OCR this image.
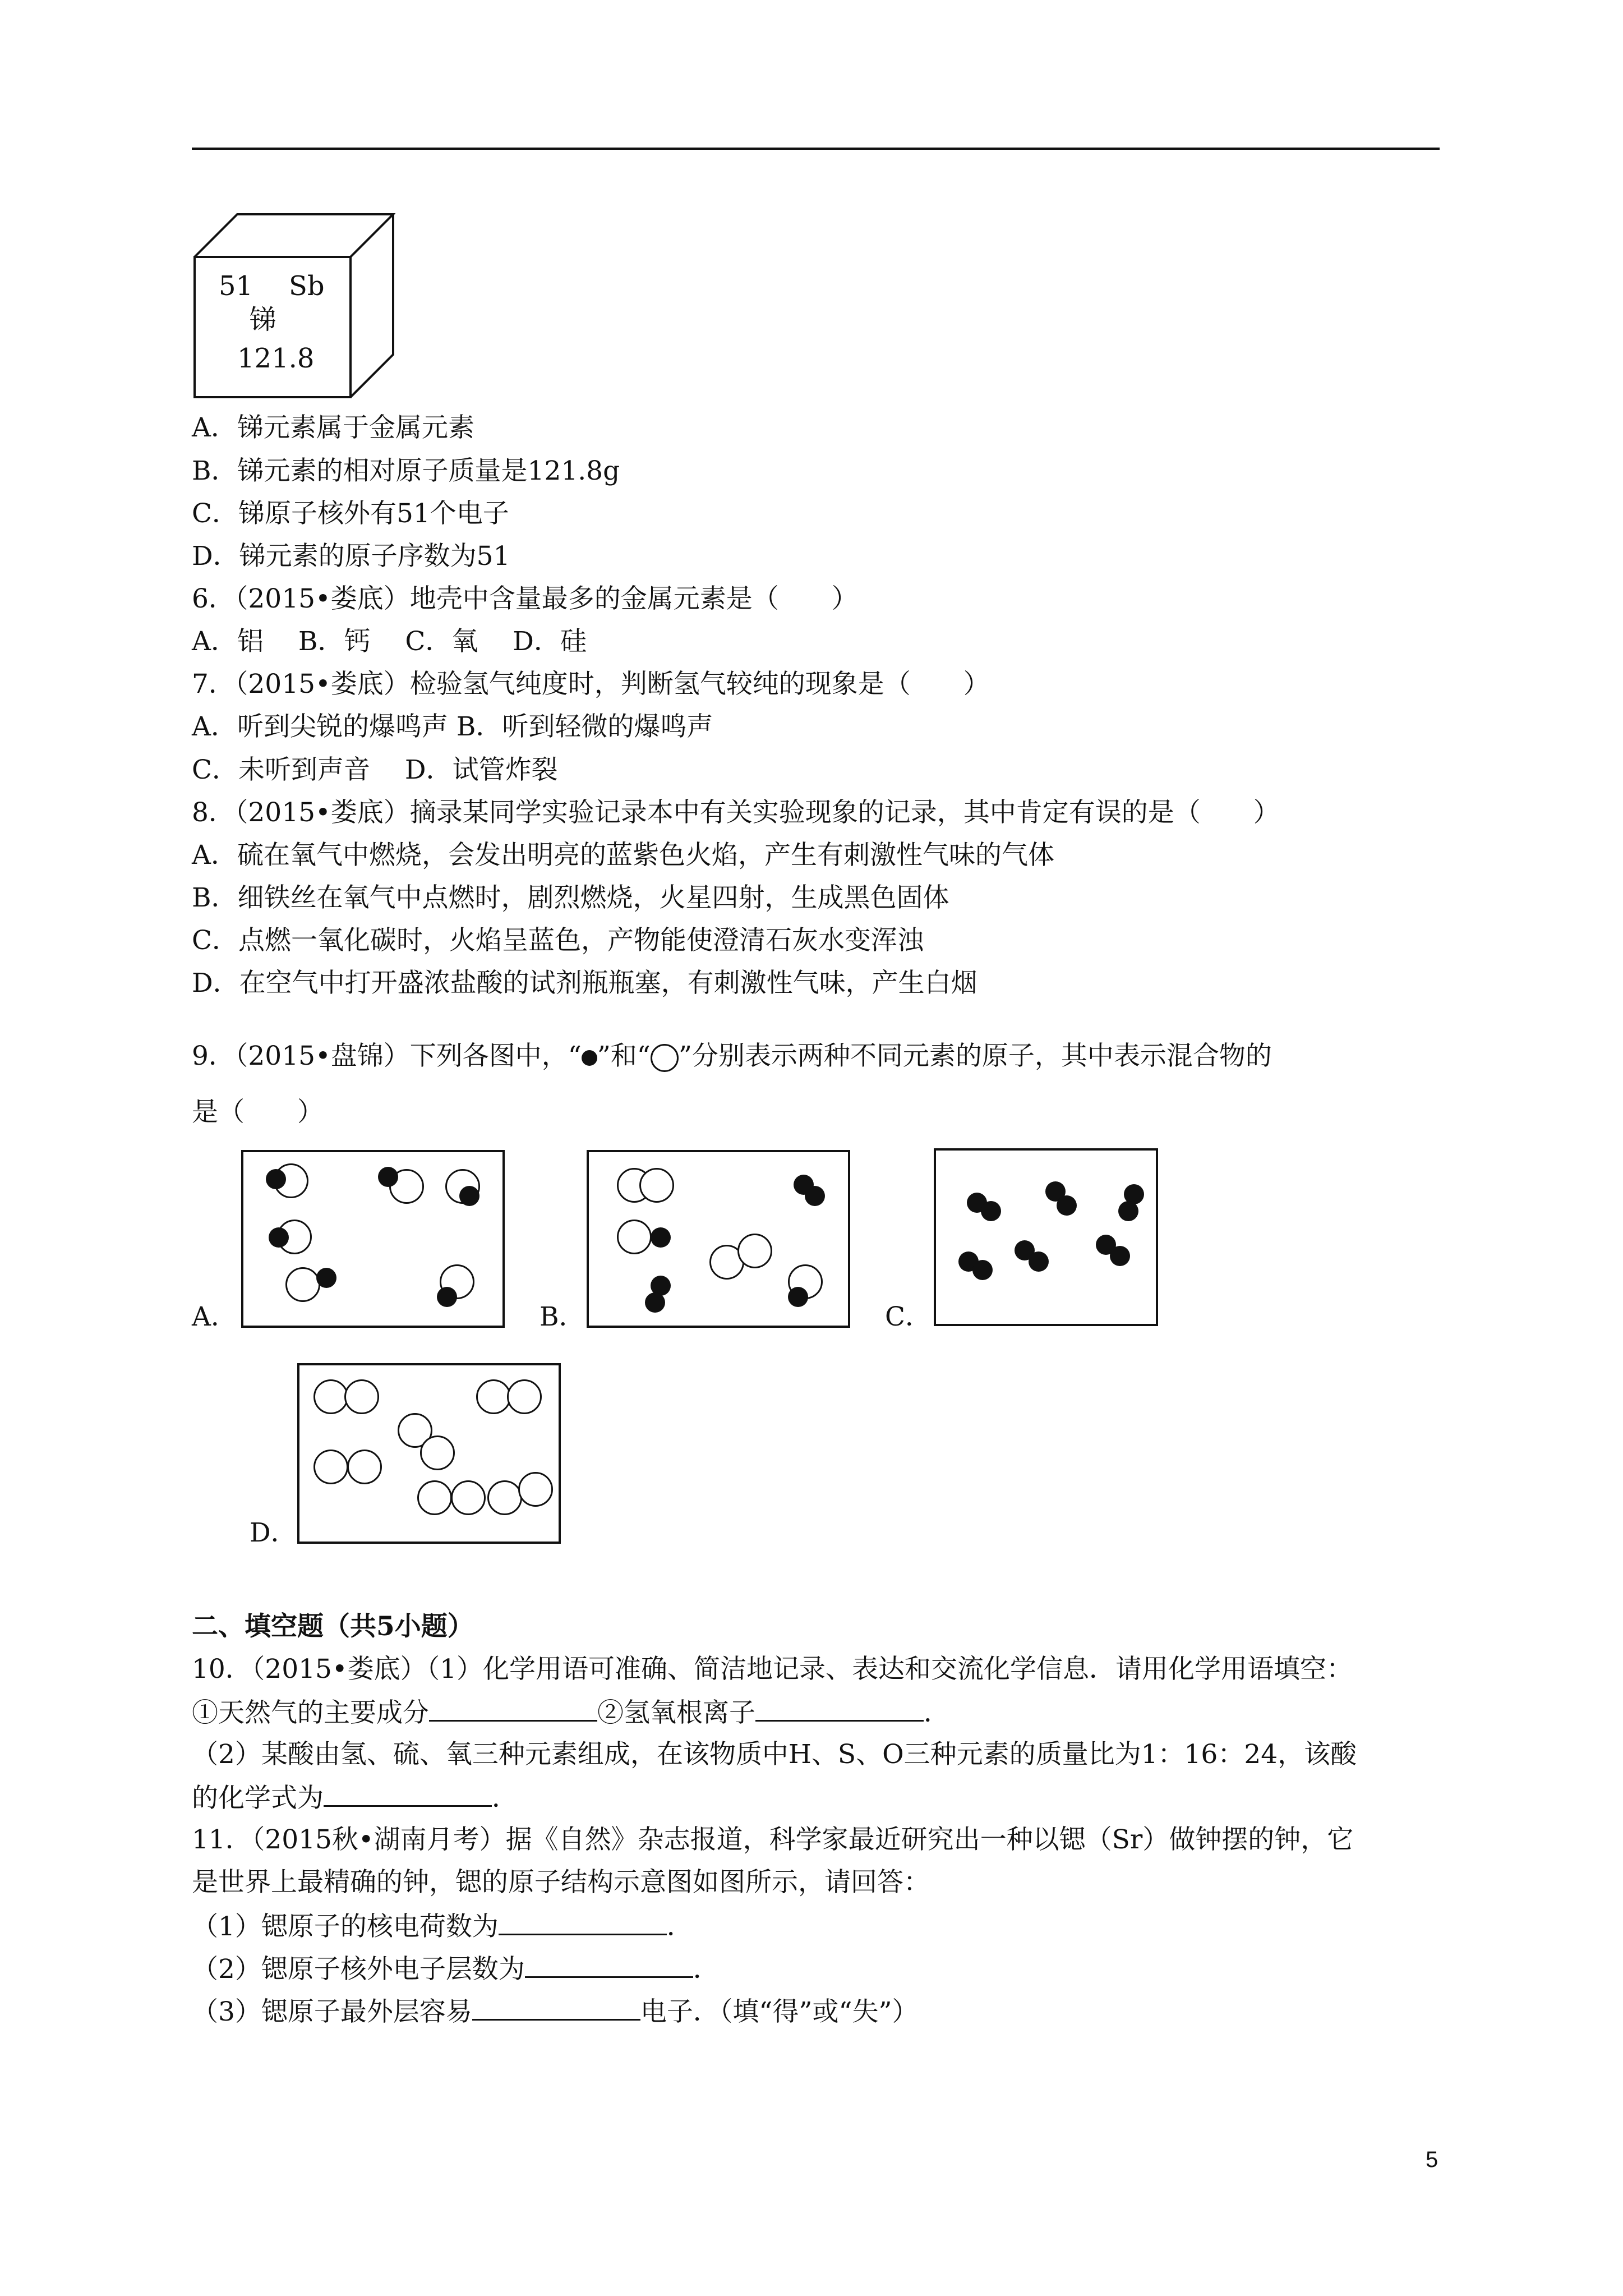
51 Sb
锑
121.8
A．锑元素属于金属元素
B．锑元素的相对原子质量是121.8g
C．锑原子核外有51个电子
D．锑元素的原子序数为51
6．（2015•娄底）地壳中含量最多的金属元素是（　　）
A．铝　 B．钙　 C．氧　 D．硅
7．（2015•娄底）检验氢气纯度时，判断氢气较纯的现象是（　　）
A．听到尖锐的爆鸣声 B．听到轻微的爆鸣声
C．未听到声音　 D．试管炸裂
8．（2015•娄底）摘录某同学实验记录本中有关实验现象的记录，其中肯定有误的是（　　）
A．硫在氧气中燃烧，会发出明亮的蓝紫色火焰，产生有刺激性气味的气体
B．细铁丝在氧气中点燃时，剧烈燃烧，火星四射，生成黑色固体
C．点燃一氧化碳时，火焰呈蓝色，产物能使澄清石灰水变浑浊
D．在空气中打开盛浓盐酸的试剂瓶瓶塞，有刺激性气味，产生白烟
9．（2015•盘锦）下列各图中，“ ”和“ ”分别表示两种不同元素的原子，其中表示混合物的
是（　　）
A．	B．	C．
D．
二、填空题（共5小题）
10．（2015•娄底）（1）化学用语可准确、简洁地记录、表达和交流化学信息．请用化学用语填空：
①天然气的主要成分	②氢氧根离子	．
（2）某酸由氢、硫、氧三种元素组成，在该物质中H、S、O三种元素的质量比为1：16：24，该酸
的化学式为	．
11．（2015秋•湖南月考）据《自然》杂志报道，科学家最近研究出一种以锶（Sr）做钟摆的钟，它
是世界上最精确的钟，锶的原子结构示意图如图所示，请回答：
（1）锶原子的核电荷数为	．
（2）锶原子核外电子层数为	．
（3）锶原子最外层容易	电子．（填“得”或“失”）
5
